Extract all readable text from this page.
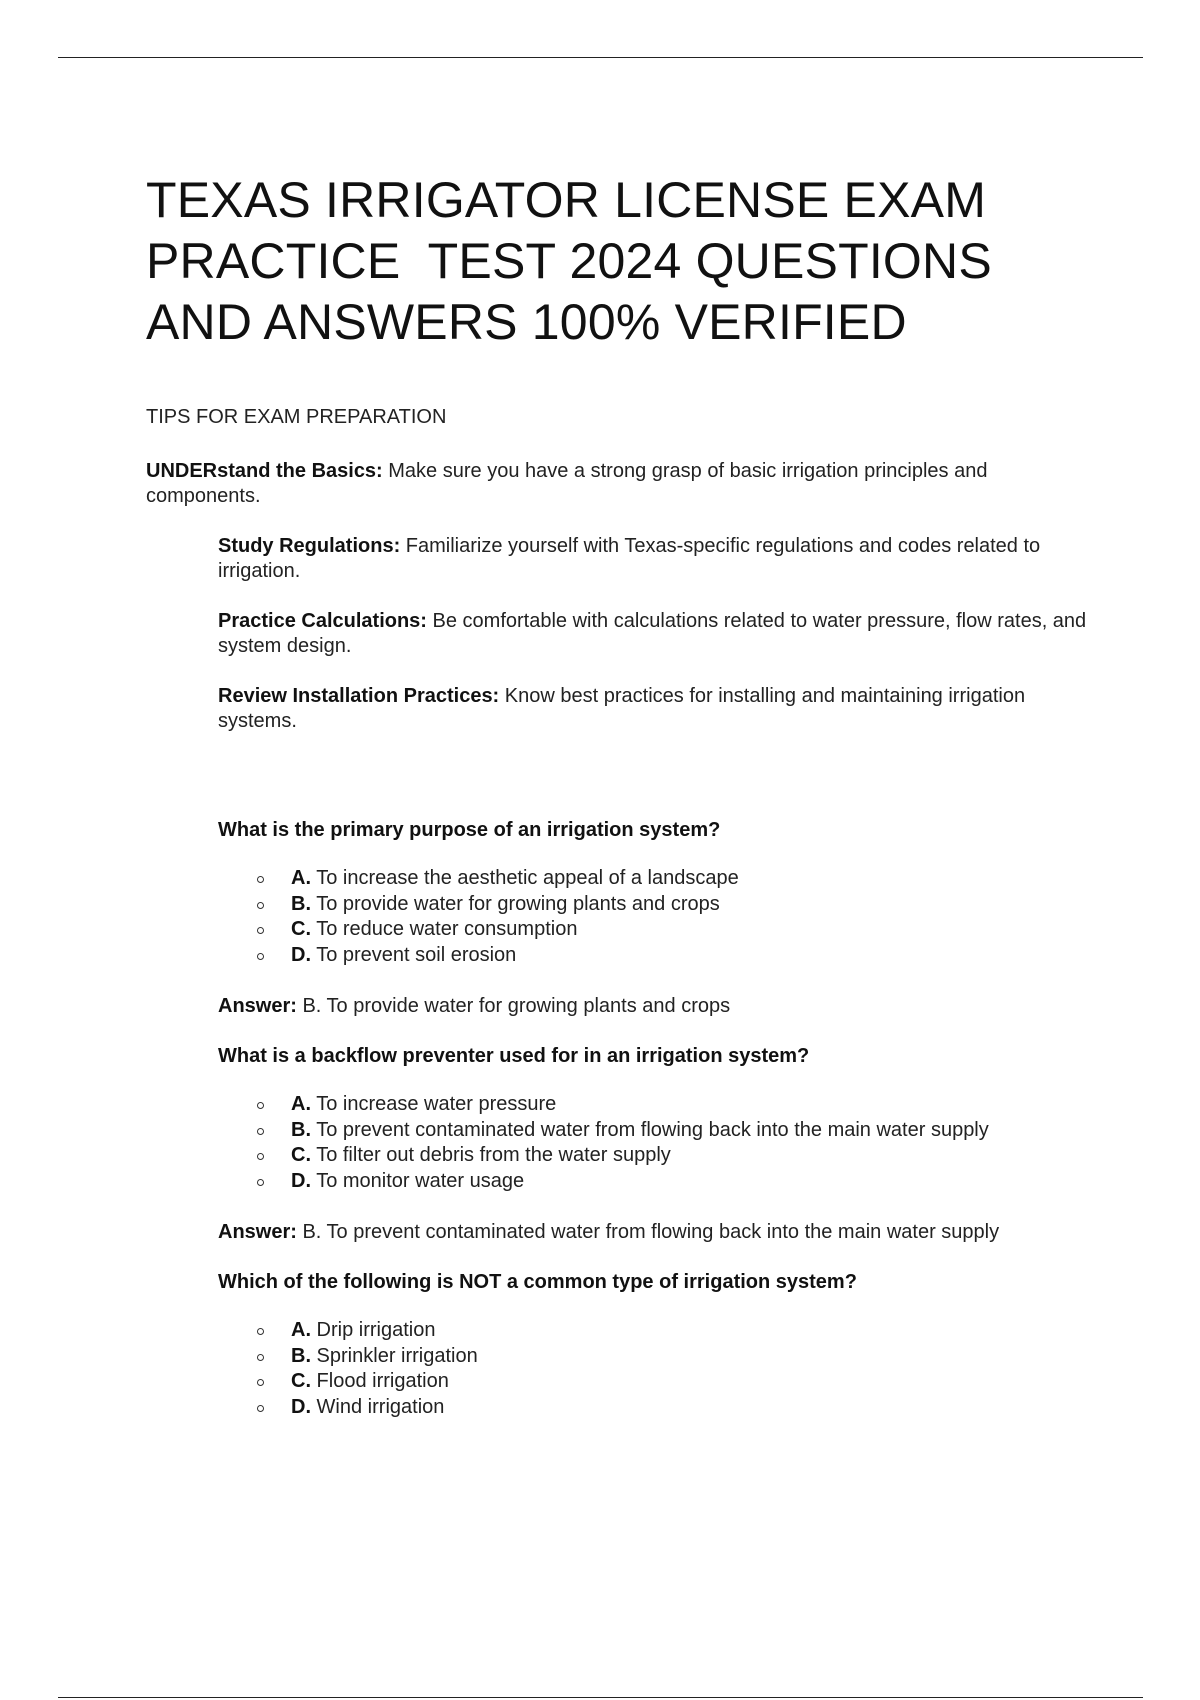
TEXAS IRRIGATOR LICENSE EXAM
PRACTICE  TEST 2024 QUESTIONS
AND ANSWERS 100% VERIFIED

TIPS FOR EXAM PREPARATION

UNDERstand the Basics: Make sure you have a strong grasp of basic irrigation principles and components.

Study Regulations: Familiarize yourself with Texas-specific regulations and codes related to irrigation.

Practice Calculations: Be comfortable with calculations related to water pressure, flow rates, and system design.

Review Installation Practices: Know best practices for installing and maintaining irrigation systems.

What is the primary purpose of an irrigation system?

A. To increase the aesthetic appeal of a landscape
B. To provide water for growing plants and crops
C. To reduce water consumption
D. To prevent soil erosion

Answer: B. To provide water for growing plants and crops

What is a backflow preventer used for in an irrigation system?

A. To increase water pressure
B. To prevent contaminated water from flowing back into the main water supply
C. To filter out debris from the water supply
D. To monitor water usage

Answer: B. To prevent contaminated water from flowing back into the main water supply

Which of the following is NOT a common type of irrigation system?

A. Drip irrigation
B. Sprinkler irrigation
C. Flood irrigation
D. Wind irrigation
